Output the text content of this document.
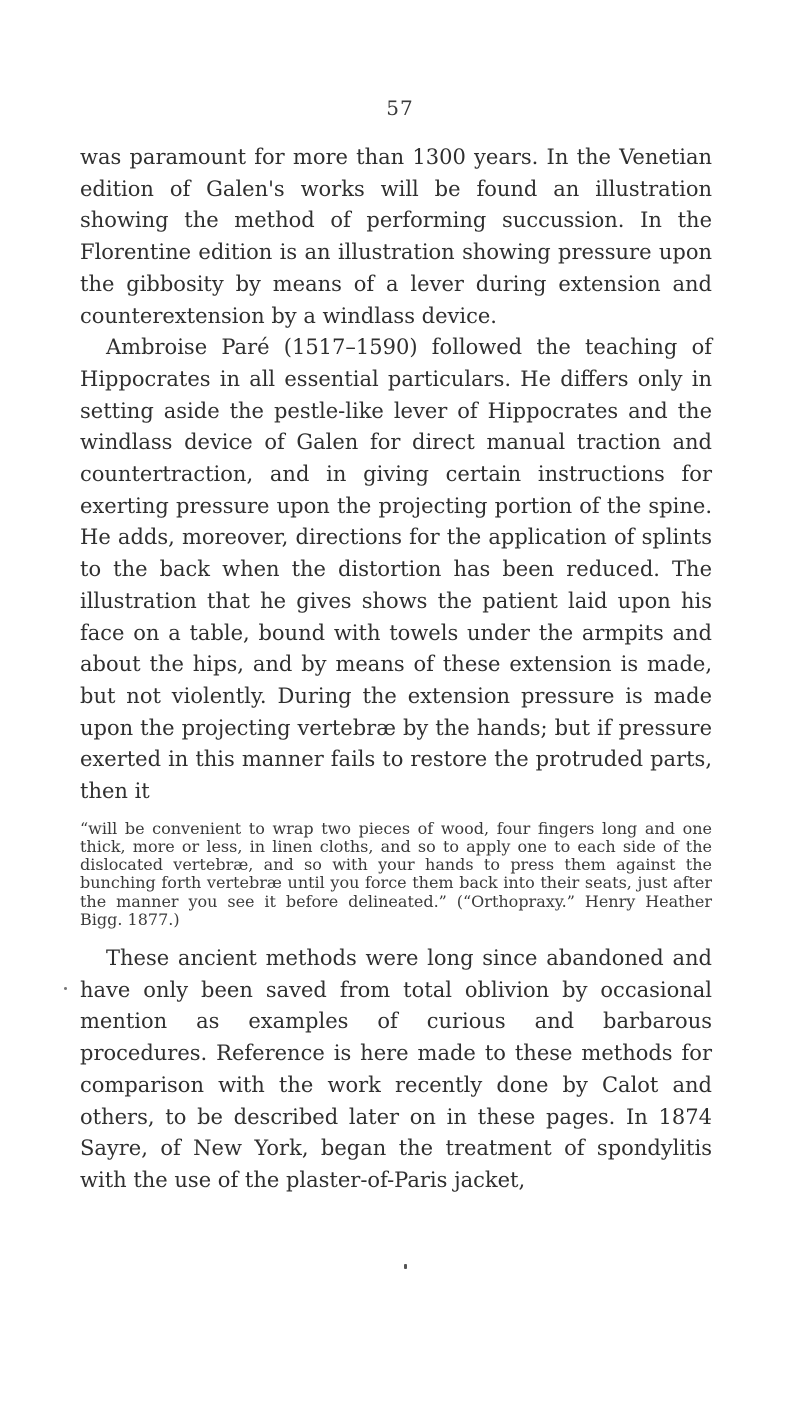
57

was paramount for more than 1300 years. In the Venetian edition of Galen's works will be found an illustration showing the method of performing succussion. In the Florentine edition is an illustration showing pressure upon the gibbosity by means of a lever during extension and counterextension by a windlass device.

Ambroise Paré (1517–1590) followed the teaching of Hippocrates in all essential particulars. He differs only in setting aside the pestle-like lever of Hippocrates and the windlass device of Galen for direct manual traction and countertraction, and in giving certain instructions for exerting pressure upon the projecting portion of the spine. He adds, moreover, directions for the application of splints to the back when the distortion has been reduced. The illustration that he gives shows the patient laid upon his face on a table, bound with towels under the armpits and about the hips, and by means of these extension is made, but not violently. During the extension pressure is made upon the projecting vertebræ by the hands; but if pressure exerted in this manner fails to restore the protruded parts, then it

“will be convenient to wrap two pieces of wood, four fingers long and one thick, more or less, in linen cloths, and so to apply one to each side of the dislocated vertebræ, and so with your hands to press them against the bunching forth vertebræ until you force them back into their seats, just after the manner you see it before delineated.” (“Orthopraxy.” Henry Heather Bigg. 1877.)

These ancient methods were long since abandoned and have only been saved from total oblivion by occasional mention as examples of curious and barbarous procedures. Reference is here made to these methods for comparison with the work recently done by Calot and others, to be described later on in these pages. In 1874 Sayre, of New York, began the treatment of spondylitis with the use of the plaster-of-Paris jacket,
